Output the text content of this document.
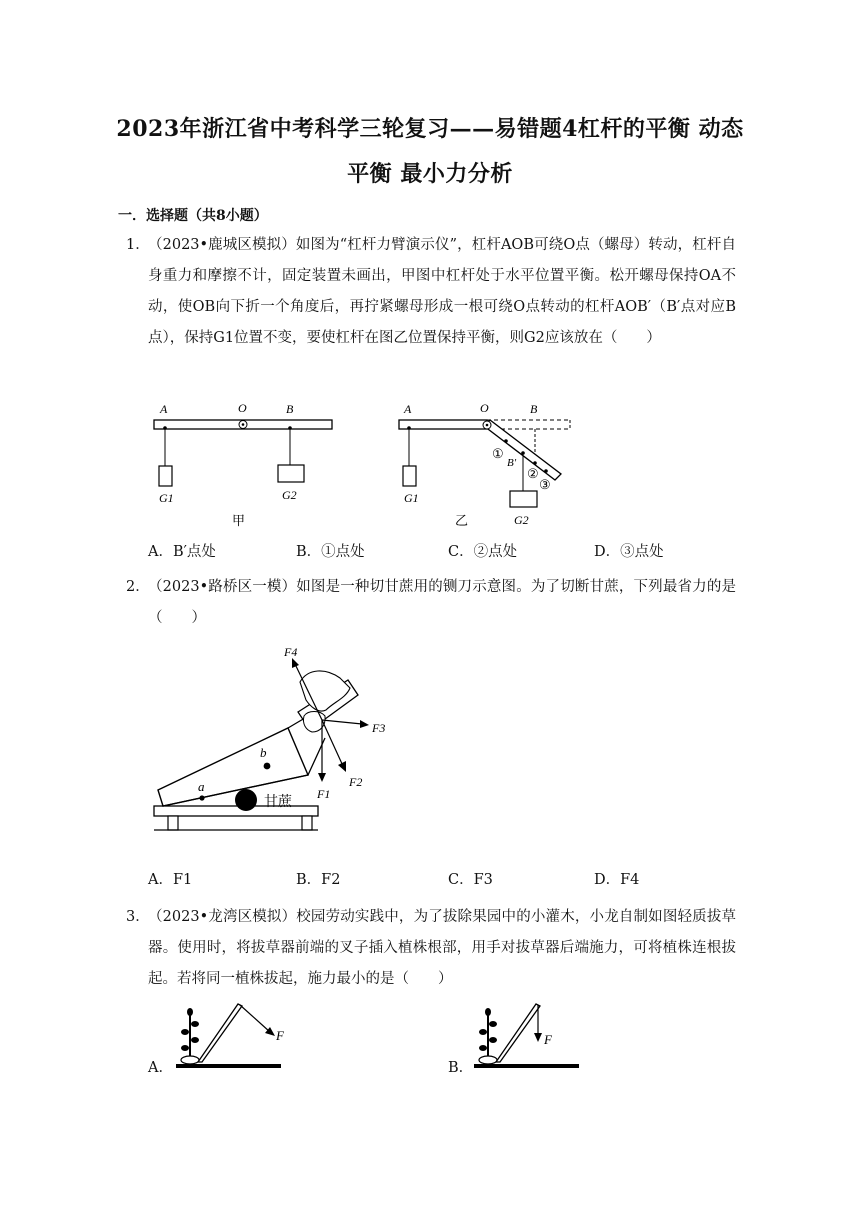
2023年浙江省中考科学三轮复习——易错题4杠杆的平衡 动态
平衡 最小力分析
一．选择题（共8小题）
1．
（2023•鹿城区模拟）如图为“杠杆力臂演示仪”，杠杆AOB可绕O点（螺母）转动，杠杆自身重力和摩擦不计，固定装置未画出，甲图中杠杆处于水平位置平衡。松开螺母保持OA不动，使OB向下折一个角度后，再拧紧螺母形成一根可绕O点转动的杠杆AOB′（B′点对应B点），保持G1位置不变，要使杠杆在图乙位置保持平衡，则G2应该放在（　　）
A	O	B
G1	G2
甲
A	O	B
B′
①
②
③
G1
G2
乙
A．B′点处	B．①点处	C．②点处	D．③点处
2．
（2023•路桥区一模）如图是一种切甘蔗用的铡刀示意图。为了切断甘蔗，下列最省力的是（　　）
a
b
甘蔗
F1
F2
F3
F4
A．F1	B．F2	C．F3	D．F4
3．
（2023•龙湾区模拟）校园劳动实践中，为了拔除果园中的小灌木，小龙自制如图轻质拔草器。使用时，将拔草器前端的叉子插入植株根部，用手对拔草器后端施力，可将植株连根拔起。若将同一植株拔起，施力最小的是（　　）
A．	B．
F	F
